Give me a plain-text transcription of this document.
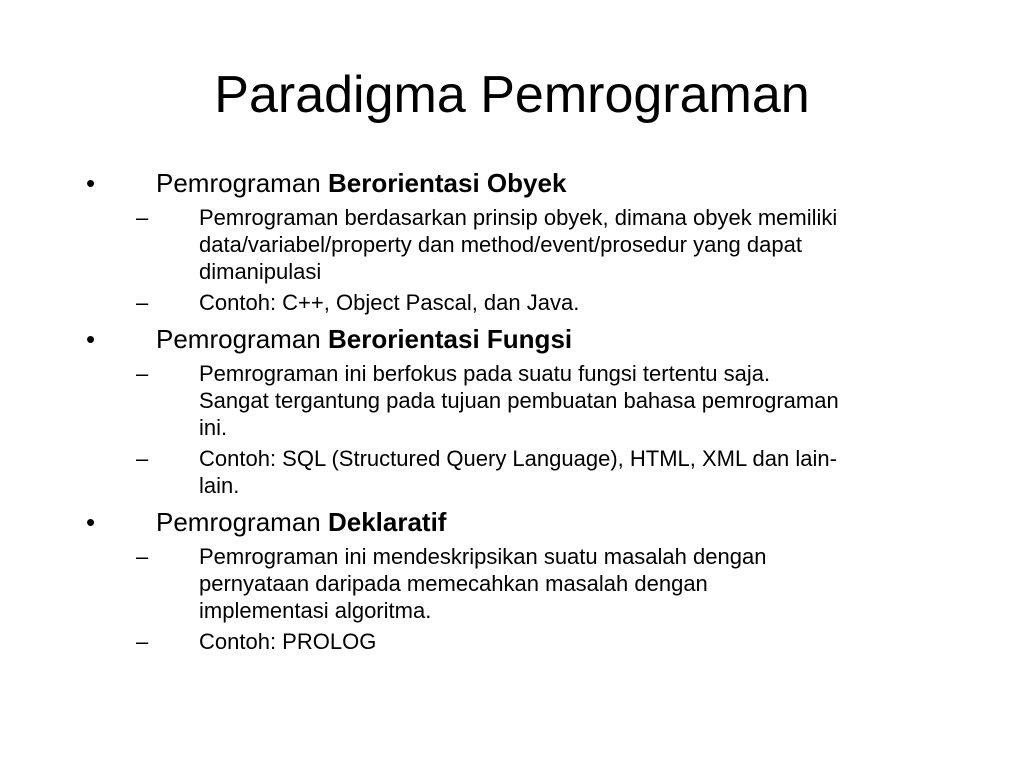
Paradigma Pemrograman
•	Pemrograman Berorientasi Obyek
–	Pemrograman berdasarkan prinsip obyek, dimana obyek memiliki data/variabel/property dan method/event/prosedur yang dapat dimanipulasi
–	Contoh: C++, Object Pascal, dan Java.
•	Pemrograman Berorientasi Fungsi
–	Pemrograman ini berfokus pada suatu fungsi tertentu saja. Sangat tergantung pada tujuan pembuatan bahasa pemrograman ini.
–	Contoh: SQL (Structured Query Language), HTML, XML dan lain-lain.
•	Pemrograman Deklaratif
–	Pemrograman ini mendeskripsikan suatu masalah dengan pernyataan daripada memecahkan masalah dengan implementasi algoritma.
–	Contoh: PROLOG
